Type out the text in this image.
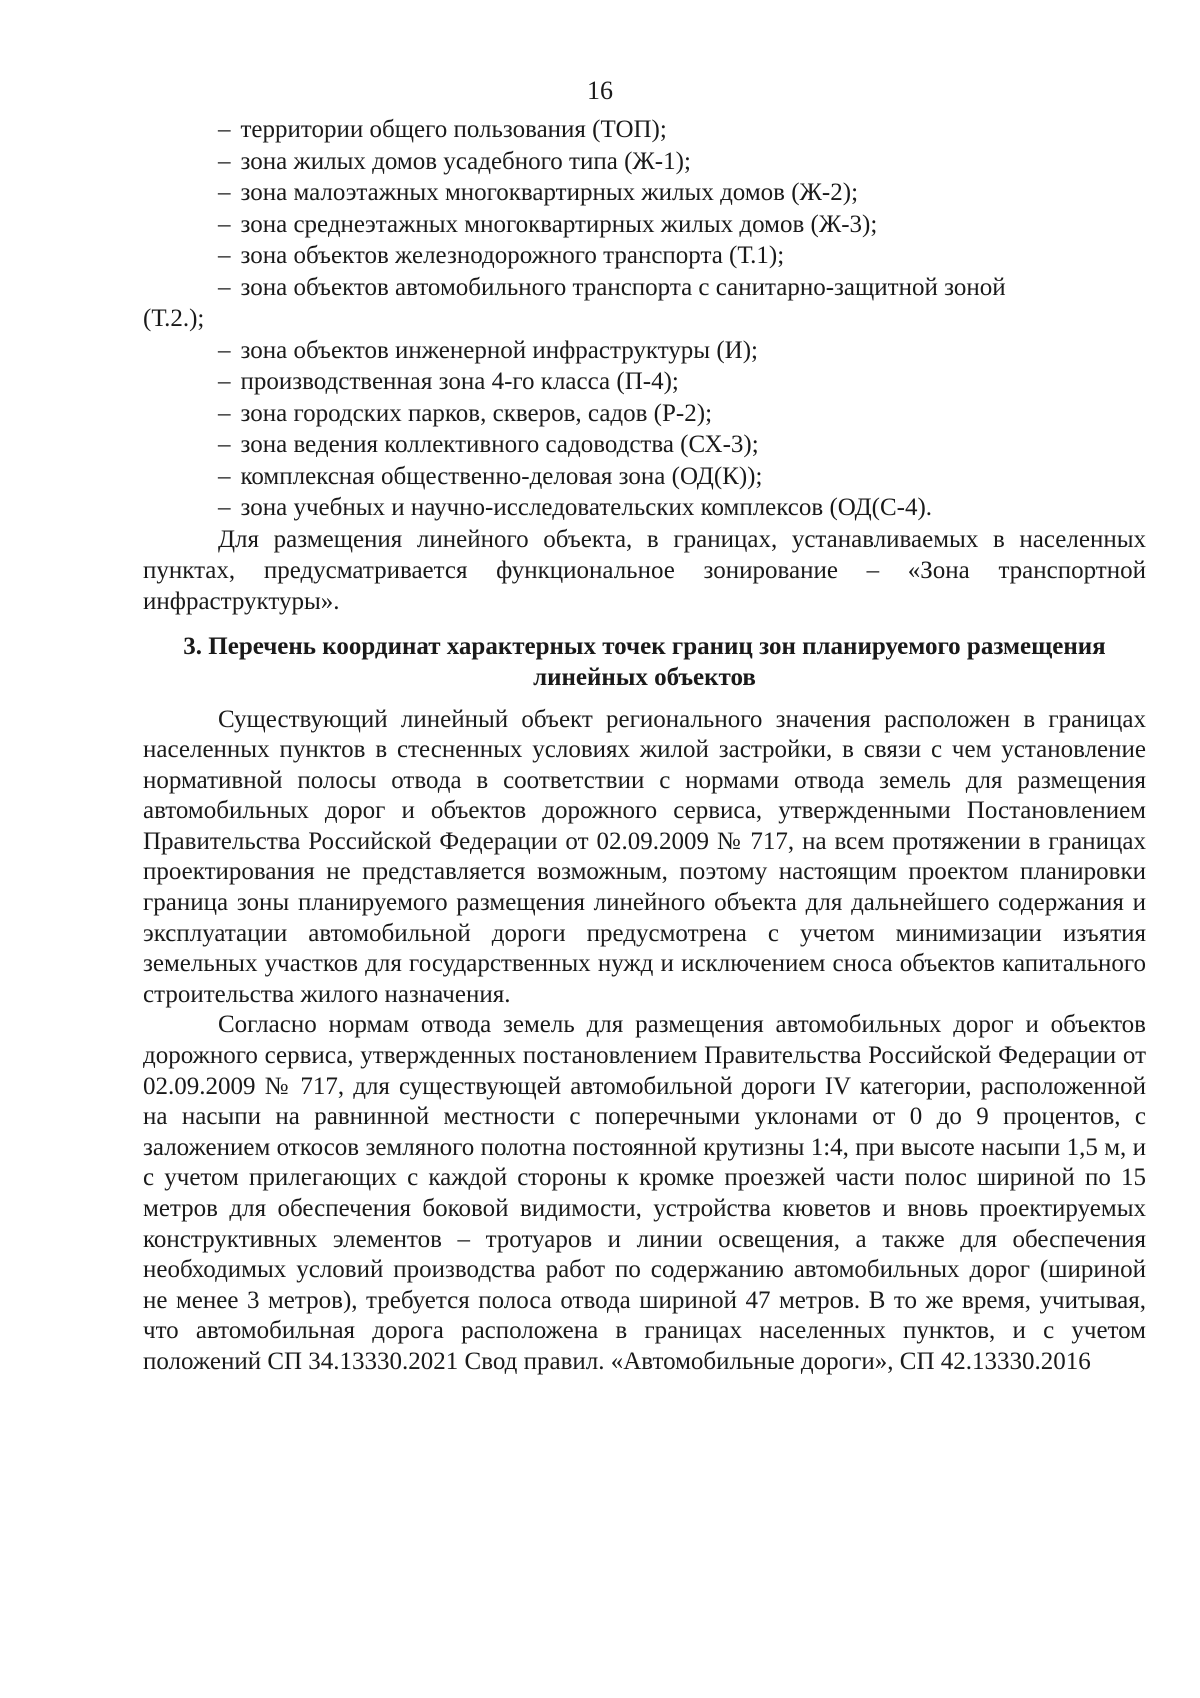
16
– территории общего пользования (ТОП);
– зона жилых домов усадебного типа (Ж-1);
– зона малоэтажных многоквартирных жилых домов (Ж-2);
– зона среднеэтажных многоквартирных жилых домов (Ж-3);
– зона объектов железнодорожного транспорта (Т.1);
– зона объектов автомобильного транспорта с санитарно-защитной зоной
(Т.2.);
– зона объектов инженерной инфраструктуры (И);
– производственная зона 4-го класса (П-4);
– зона городских парков, скверов, садов (Р-2);
– зона ведения коллективного садоводства (СХ-3);
– комплексная общественно-деловая зона (ОД(К));
– зона учебных и научно-исследовательских комплексов (ОД(С-4).

Для размещения линейного объекта, в границах, устанавливаемых в населенных пунктах, предусматривается функциональное зонирование – «Зона транспортной инфраструктуры».

3. Перечень координат характерных точек границ зон планируемого размещения линейных объектов

Существующий линейный объект регионального значения расположен в границах населенных пунктов в стесненных условиях жилой застройки, в связи с чем установление нормативной полосы отвода в соответствии с нормами отвода земель для размещения автомобильных дорог и объектов дорожного сервиса, утвержденными Постановлением Правительства Российской Федерации от 02.09.2009 № 717, на всем протяжении в границах проектирования не представляется возможным, поэтому настоящим проектом планировки граница зоны планируемого размещения линейного объекта для дальнейшего содержания и эксплуатации автомобильной дороги предусмотрена с учетом минимизации изъятия земельных участков для государственных нужд и исключением сноса объектов капитального строительства жилого назначения.

Согласно нормам отвода земель для размещения автомобильных дорог и объектов дорожного сервиса, утвержденных постановлением Правительства Российской Федерации от 02.09.2009 № 717, для существующей автомобильной дороги IV категории, расположенной на насыпи на равнинной местности с поперечными уклонами от 0 до 9 процентов, с заложением откосов земляного полотна постоянной крутизны 1:4, при высоте насыпи 1,5 м, и с учетом прилегающих с каждой стороны к кромке проезжей части полос шириной по 15 метров для обеспечения боковой видимости, устройства кюветов и вновь проектируемых конструктивных элементов – тротуаров и линии освещения, а также для обеспечения необходимых условий производства работ по содержанию автомобильных дорог (шириной не менее 3 метров), требуется полоса отвода шириной 47 метров. В то же время, учитывая, что автомобильная дорога расположена в границах населенных пунктов, и с учетом положений СП 34.13330.2021 Свод правил. «Автомобильные дороги», СП 42.13330.2016
